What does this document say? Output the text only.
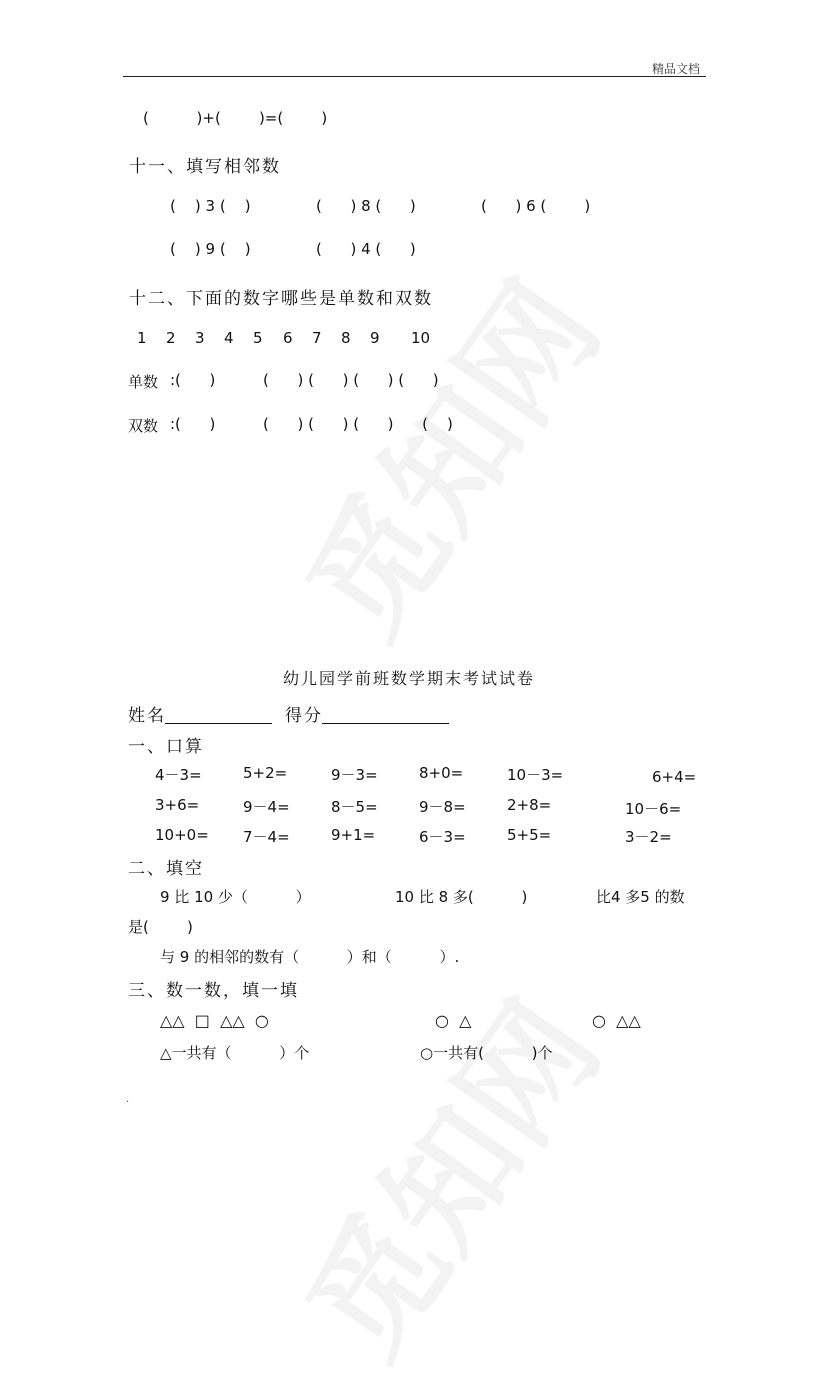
精品文档
(          )+(        )=(        )
十一、填写相邻数
(    ) 3 (    )	(      ) 8 (      )	(      ) 6 (        )
(    ) 9 (    )	(      ) 4 (      )
十二、下面的数字哪些是单数和双数
1 2 3 4 5 6 7 8 9 10
单数 :(      )          (      ) (      ) (      ) (      )
双数 :(      )          (      ) (      ) (      )      (    )
幼儿园学前班数学期末考试试卷
姓名	得分
一、口算
4－3=	5+2=	9－3=	8+0=	10－3=	6+4=
3+6=	9－4=	8－5=	9－8=	2+8=	10－6=
10+0= 7－4=	9+1=	6－3=	5+5=	3－2=
二、填空
9 比 10 少（          ）	10 比 8 多(          )	比4 多5 的数
是(        )
与 9 的相邻的数有（          ）和（          ）.
三、数一数，填一填
△△  □  △△  ○	○  △	○  △△
△一共有（          ）个	○一共有(          )个
.
